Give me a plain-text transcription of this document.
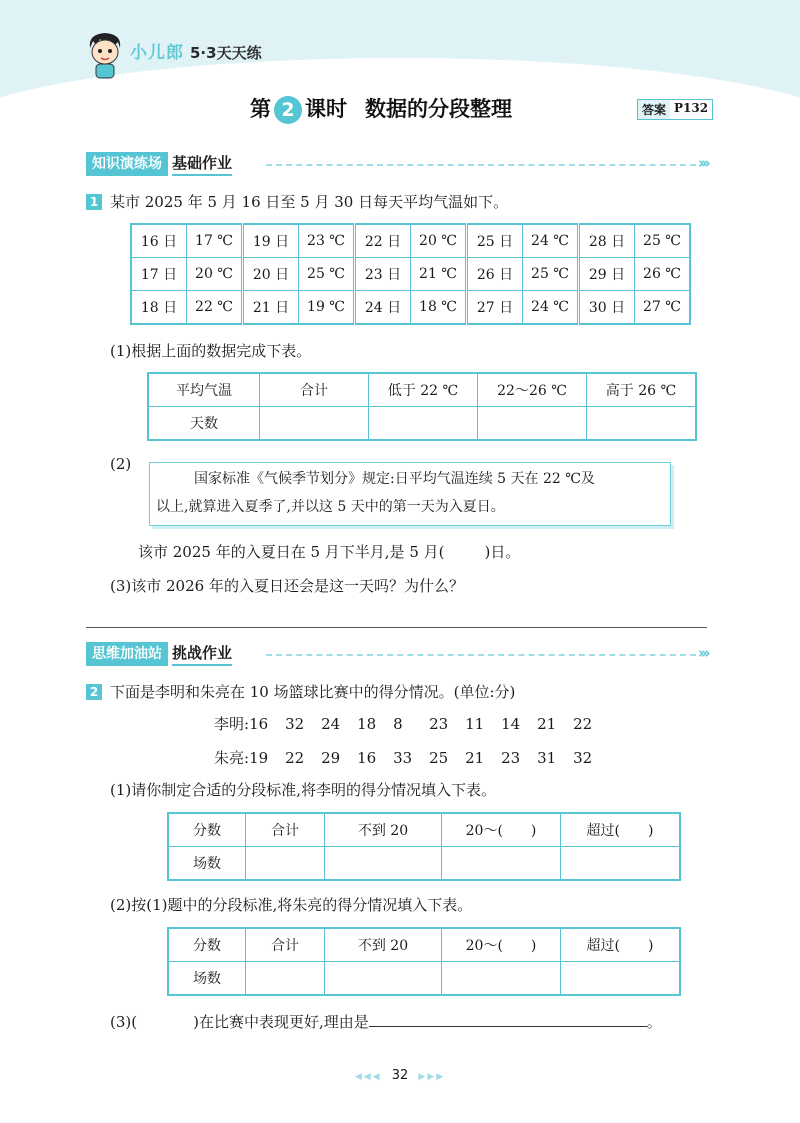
小儿郎 5·3天天练
第 2 课时 数据的分段整理	答案 P132
知识演练场 基础作业	›››
1 某市 2025 年 5 月 16 日至 5 月 30 日每天平均气温如下。
16 日	17 ℃	19 日	23 ℃	22 日	20 ℃	25 日	24 ℃	28 日	25 ℃
17 日	20 ℃	20 日	25 ℃	23 日	21 ℃	26 日	25 ℃	29 日	26 ℃
18 日	22 ℃	21 日	19 ℃	24 日	18 ℃	27 日	24 ℃	30 日	27 ℃
(1)根据上面的数据完成下表。
平均气温	合计	低于 22 ℃	22～26 ℃	高于 26 ℃
天数				
(2)
国家标准《气候季节划分》规定:日平均气温连续 5 天在 22 ℃及
以上,就算进入夏季了,并以这 5 天中的第一天为入夏日。
该市 2025 年的入夏日在 5 月下半月,是 5 月(	)日。
(3)该市 2026 年的入夏日还会是这一天吗？为什么？
思维加油站 挑战作业	›››
2 下面是李明和朱亮在 10 场篮球比赛中的得分情况。(单位:分)
李明:16 32 24 18 8 23 11 14 21 22
朱亮:19 22 29 16 33 25 21 23 31 32
(1)请你制定合适的分段标准,将李明的得分情况填入下表。
分数	合计	不到 20	20～(　　)	超过(　　)
场数				
(2)按(1)题中的分段标准,将朱亮的得分情况填入下表。
分数	合计	不到 20	20～(　　)	超过(　　)
场数				
(3)(	)在比赛中表现更好,理由是	。
◀◀◀ 32 ▶▶▶
